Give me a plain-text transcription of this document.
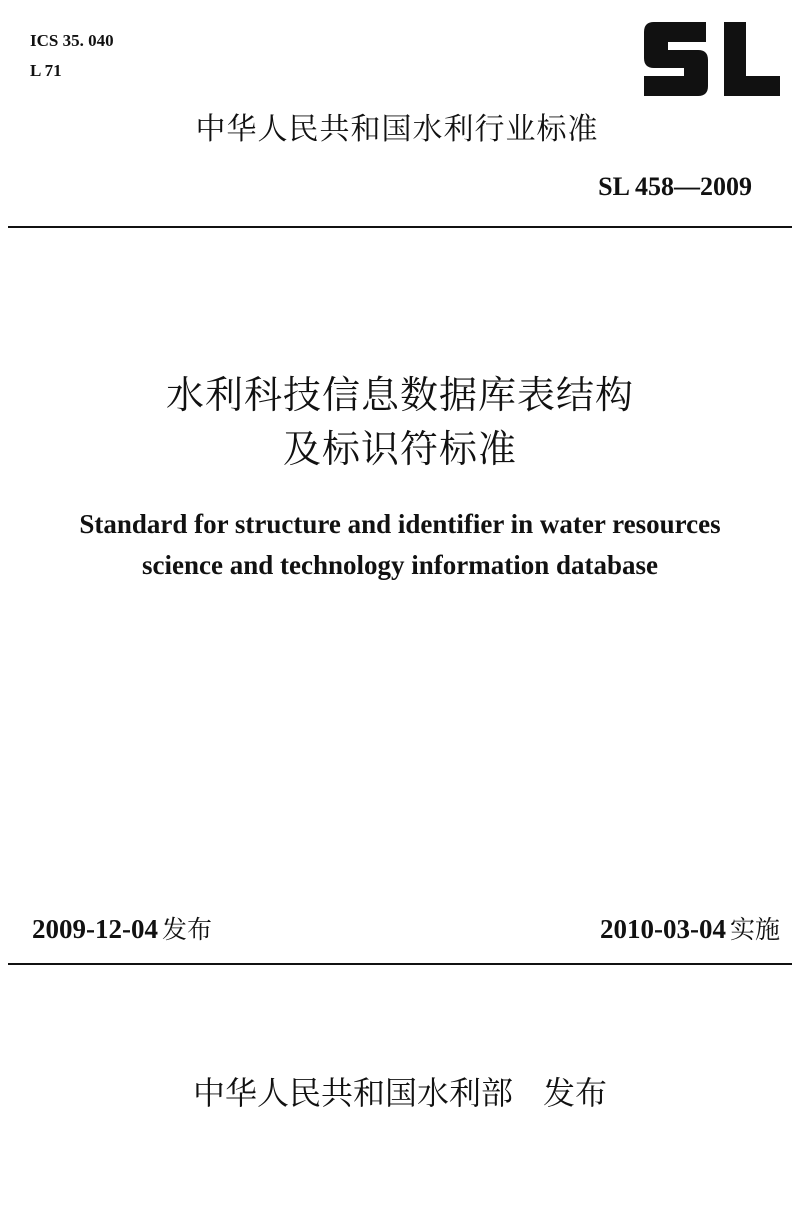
ICS 35. 040
L 71
中华人民共和国水利行业标准
SL 458—2009
水利科技信息数据库表结构
及标识符标准
Standard for structure and identifier in water resources
science and technology information database
2009-12-04 发布	2010-03-04 实施
中华人民共和国水利部 发布
